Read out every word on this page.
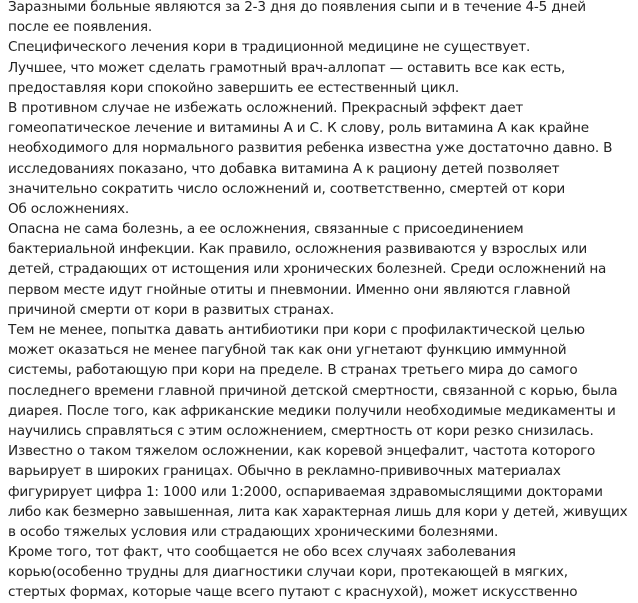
Заразными больные являются за 2-3 дня до появления сыпи и в течение 4-5 дней
после ее появления.
Специфического лечения кори в традиционной медицине не существует.
Лучшее, что может сделать грамотный врач-аллопат — оставить все как есть,
предоставляя кори спокойно завершить ее естественный цикл.
В противном случае не избежать осложнений. Прекрасный эффект дает
гомеопатическое лечение и витамины А и С. К слову, роль витамина А как крайне
необходимого для нормального развития ребенка известна уже достаточно давно. В
исследованиях показано, что добавка витамина А к рациону детей позволяет
значительно сократить число осложнений и, соответственно, смертей от кори
Об осложнениях.
Опасна не сама болезнь, а ее осложнения, связанные с присоединением
бактериальной инфекции. Как правило, осложнения развиваются у взрослых или
детей, страдающих от истощения или хронических болезней. Среди осложнений на
первом месте идут гнойные отиты и пневмонии. Именно они являются главной
причиной смерти от кори в развитых странах.
Тем не менее, попытка давать антибиотики при кори с профилактической целью
может оказаться не менее пагубной так как они угнетают функцию иммунной
системы, работающую при кори на пределе. В странах третьего мира до самого
последнего времени главной причиной детской смертности, связанной с корью, была
диарея. После того, как африканские медики получили необходимые медикаменты и
научились справляться с этим осложнением, смертность от кори резко снизилась.
Известно о таком тяжелом осложнении, как коревой энцефалит, частота которого
варьирует в широких границах. Обычно в рекламно-прививочных материалах
фигурирует цифра 1: 1000 или 1:2000, оспариваемая здравомыслящими докторами
либо как безмерно завышенная, лита как характерная лишь для кори у детей, живущих
в особо тяжелых условия или страдающих хроническими болезнями.
Кроме того, тот факт, что сообщается не обо всех случаях заболевания
корью(особенно трудны для диагностики случаи кори, протекающей в мягких,
стертых формах, которые чаще всего путают с краснухой), может искусственно
